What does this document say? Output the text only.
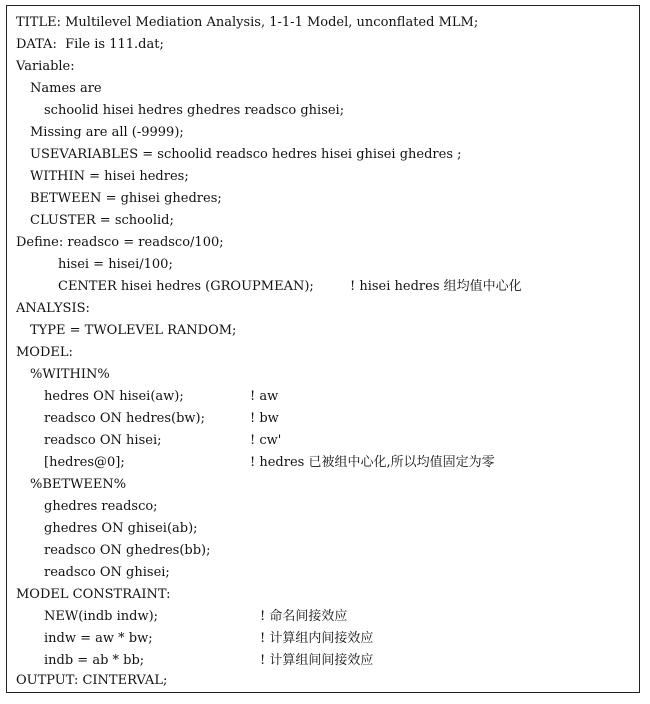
TITLE: Multilevel Mediation Analysis, 1-1-1 Model, unconflated MLM;
DATA:  File is 111.dat;
Variable:
Names are
schoolid hisei hedres ghedres readsco ghisei;
Missing are all (-9999);
USEVARIABLES = schoolid readsco hedres hisei ghisei ghedres ;
WITHIN = hisei hedres;
BETWEEN = ghisei ghedres;
CLUSTER = schoolid;
Define: readsco = readsco/100;
hisei = hisei/100;
CENTER hisei hedres (GROUPMEAN);	! hisei hedres 组均值中心化
ANALYSIS:
TYPE = TWOLEVEL RANDOM;
MODEL:
%WITHIN%
hedres ON hisei(aw);	! aw
readsco ON hedres(bw);	! bw
readsco ON hisei;	! cw'
[hedres@0];	! hedres 已被组中心化,所以均值固定为零
%BETWEEN%
ghedres readsco;
ghedres ON ghisei(ab);
readsco ON ghedres(bb);
readsco ON ghisei;
MODEL CONSTRAINT:
NEW(indb indw);	! 命名间接效应
indw = aw * bw;	! 计算组内间接效应
indb = ab * bb;	! 计算组间间接效应
OUTPUT: CINTERVAL;
